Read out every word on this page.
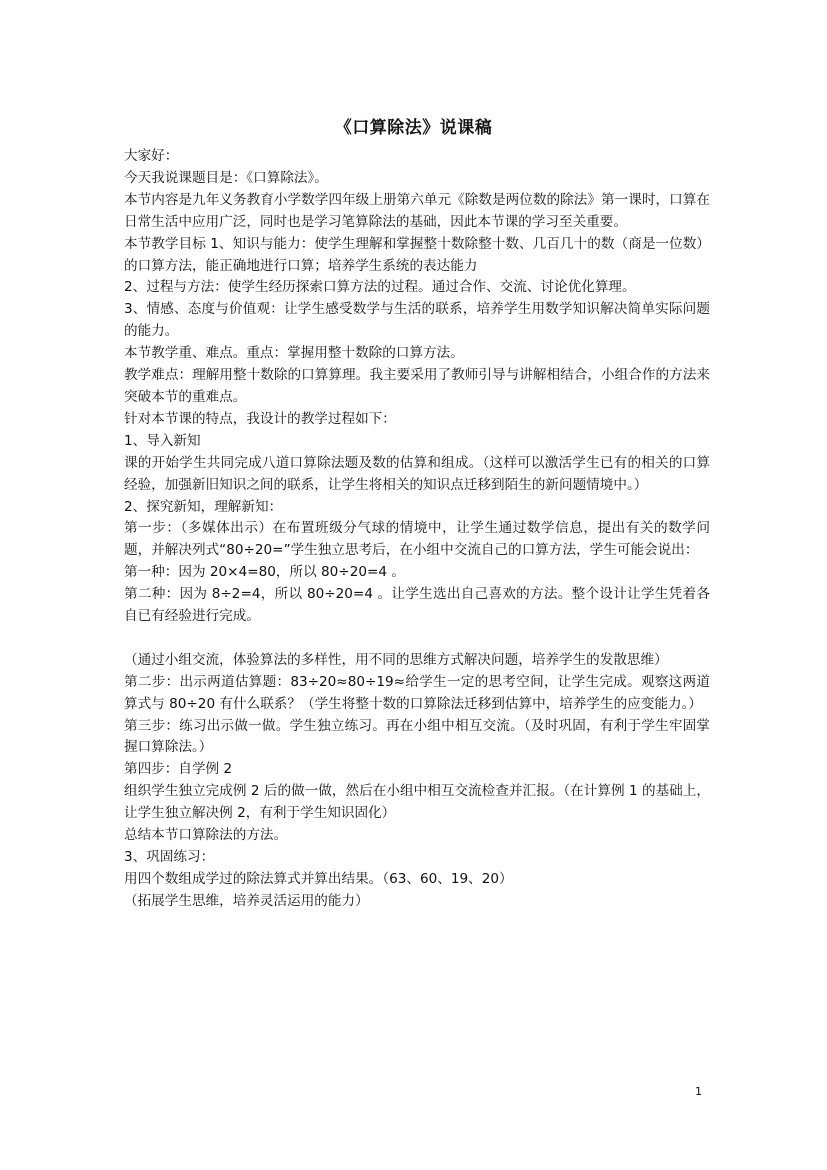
《口算除法》说课稿

大家好：

今天我说课题目是：《口算除法》。

本节内容是九年义务教育小学数学四年级上册第六单元《除数是两位数的除法》第一课时，口算在日常生活中应用广泛，同时也是学习笔算除法的基础，因此本节课的学习至关重要。

本节教学目标 1、知识与能力：使学生理解和掌握整十数除整十数、几百几十的数（商是一位数）的口算方法，能正确地进行口算；培养学生系统的表达能力

2、过程与方法：使学生经历探索口算方法的过程。通过合作、交流、讨论优化算理。

3、情感、态度与价值观：让学生感受数学与生活的联系，培养学生用数学知识解决简单实际问题的能力。

本节教学重、难点。重点：掌握用整十数除的口算方法。

教学难点：理解用整十数除的口算算理。我主要采用了教师引导与讲解相结合，小组合作的方法来突破本节的重难点。

针对本节课的特点，我设计的教学过程如下：

1、导入新知

课的开始学生共同完成八道口算除法题及数的估算和组成。（这样可以激活学生已有的相关的口算经验，加强新旧知识之间的联系，让学生将相关的知识点迁移到陌生的新问题情境中。）

2、探究新知，理解新知：

第一步：（多媒体出示）在布置班级分气球的情境中，让学生通过数学信息，提出有关的数学问题，并解决列式“80÷20=”学生独立思考后，在小组中交流自己的口算方法，学生可能会说出：

第一种：因为 20×4=80，所以 80÷20=4 。

第二种：因为 8÷2=4，所以 80÷20=4 。让学生选出自己喜欢的方法。整个设计让学生凭着各自已有经验进行完成。

（通过小组交流，体验算法的多样性，用不同的思维方式解决问题，培养学生的发散思维）

第二步：出示两道估算题：83÷20≈80÷19≈给学生一定的思考空间，让学生完成。观察这两道算式与 80÷20 有什么联系？（学生将整十数的口算除法迁移到估算中，培养学生的应变能力。）

第三步：练习出示做一做。学生独立练习。再在小组中相互交流。（及时巩固，有利于学生牢固掌握口算除法。）

第四步：自学例 2

组织学生独立完成例 2 后的做一做，然后在小组中相互交流检查并汇报。（在计算例 1 的基础上，让学生独立解决例 2，有利于学生知识固化）

总结本节口算除法的方法。

3、巩固练习：

用四个数组成学过的除法算式并算出结果。（63、60、19、20）

（拓展学生思维，培养灵活运用的能力）

1
